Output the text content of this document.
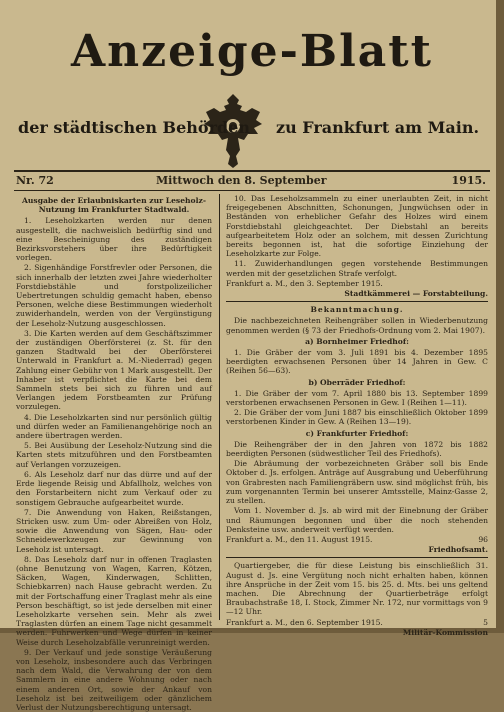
Anzeige-Blatt
der städtischen Behörden zu Frankfurt am Main.
Nr. 72	Mittwoch den 8. September	1915.

Ausgabe der Erlaubniskarten zur Leseholz-Nutzung im Frankfurter Stadtwald.

1. Leseholzkarten werden nur denen ausgestellt, die nachweislich bedürftig sind und eine Bescheinigung des zuständigen Bezirksvorstehers über ihre Bedürftigkeit vorlegen.

2. Sigenhändige Forstfrevler oder Personen, die sich innerhalb der letzten zwei Jahre wiederholter Forstdiebstähle und forstpolizeilicher Uebertretungen schuldig gemacht haben, ebenso Personen, welche diese Bestimmungen wiederholt zuwiderhandeln, werden von der Vergünstigung der Leseholz-Nutzung ausgeschlossen.

3. Die Karten werden auf dem Geschäftszimmer der zuständigen Oberförsterei (z. St. für den ganzen Stadtwald bei der Oberförsterei Unterwald in Frankfurt a. M.-Niederrad) gegen Zahlung einer Gebühr von 1 Mark ausgestellt. Der Inhaber ist verpflichtet die Karte bei dem Sammeln stets bei sich zu führen und auf Verlangen jedem Forstbeamten zur Prüfung vorzulegen.

4. Die Leseholzkarten sind nur persönlich gültig und dürfen weder an Familienangehörige noch an andere übertragen werden.

5. Bei Ausübung der Leseholz-Nutzung sind die Karten stets mitzuführen und den Forstbeamten auf Verlangen vorzuzeigen.

6. Als Leseholz darf nur das dürre und auf der Erde liegende Reisig und Abfallholz, welches von den Forstarbeitern nicht zum Verkauf oder zu sonstigem Gebrauche aufgearbeitet wurde.

7. Die Anwendung von Haken, Reißstangen, Stricken usw. zum Um- oder Abreißen von Holz, sowie die Anwendung von Sägen, Hau- oder Schneidewerkzeugen zur Gewinnung von Leseholz ist untersagt.

8. Das Leseholz darf nur in offenen Traglasten (ohne Benutzung von Wagen, Karren, Kötzen, Säcken, Wagen, Kinderwagen, Schlitten, Schiebkarren) nach Hause gebracht werden. Zu mit der Fortschaffung einer Traglast mehr als eine Person beschäftigt, so ist jede derselben mit einer Leseholzkarte versehen sein. Mehr als zwei Traglasten dürfen an einem Tage nicht gesammelt werden. Fuhrwerken und Wege dürfen in keiner Weise durch Leseholzabfälle verunreinigt werden.

9. Der Verkauf und jede sonstige Veräußerung von Leseholz, insbesondere auch das Verbringen nach dem Wald, die Verwahrung der von dem Sammlern in eine andere Wohnung oder nach einem anderen Ort, sowie der Ankauf von Leseholz ist bei zeitweiligem oder gänzlichem Verlust der Nutzungsberechtigung untersagt.

10. Das Leseholzsammeln zu einer unerlaubten Zeit, in nicht freigegebenen Abschnitten, Schonungen, Jungwüchsen oder in Beständen von erheblicher Gefahr des Holzes wird einem Forstdiebstahl gleichgeachtet. Der Diebstahl an bereits aufgearbeitetem Holz oder an solchem, mit dessen Zurichtung bereits begonnen ist, hat die sofortige Einziehung der Leseholzkarte zur Folge.

11. Zuwiderhandlungen gegen vorstehende Bestimmungen werden mit der gesetzlichen Strafe verfolgt.

Frankfurt a. M., den 3. September 1915.

Stadtkämmerei — Forstabteilung.

Bekanntmachung.

Die nachbezeichneten Reihengräber sollen in Wiederbenutzung genommen werden (§ 73 der Friedhofs-Ordnung vom 2. Mai 1907).

a) Bornheimer Friedhof:

1. Die Gräber der vom 3. Juli 1891 bis 4. Dezember 1895 beerdigten erwachsenen Personen über 14 Jahren in Gew. C (Reihen 56—63).

b) Oberräder Friedhof:

1. Die Gräber der vom 7. April 1880 bis 13. September 1899 verstorbenen erwachsenen Personen in Gew. I (Reihen 1—11).

2. Die Gräber der vom Juni 1887 bis einschließlich Oktober 1899 verstorbenen Kinder in Gew. A (Reihen 13—19).

c) Frankfurter Friedhof:

Die Reihengräber der in den Jahren von 1872 bis 1882 beerdigten Personen (südwestlicher Teil des Friedhofs).

Die Abräumung der vorbezeichneten Gräber soll bis Ende Oktober d. Js. erfolgen. Anträge auf Ausgrabung und Ueberführung von Grabresten nach Familiengräbern usw. sind möglichst früh, bis zum vorgenannten Termin bei unserer Amtsstelle, Mainz-Gasse 2, zu stellen.

Vom 1. November d. Js. ab wird mit der Einebnung der Gräber und Räumungen begonnen und über die noch stehenden Denksteine usw. anderweit verfügt werden.

Frankfurt a. M., den 11. August 1915.	96

Friedhofsamt.

Quartiergeber, die für diese Leistung bis einschließlich 31. August d. Js. eine Vergütung noch nicht erhalten haben, können ihre Ansprüche in der Zeit vom 15. bis 25. d. Mts. bei uns geltend machen. Die Abrechnung der Quartierbeträge erfolgt Braubachstraße 18, I. Stock, Zimmer Nr. 172, nur vormittags von 9—12 Uhr.

Frankfurt a. M., den 6. September 1915.	5

Militär-Kommission
